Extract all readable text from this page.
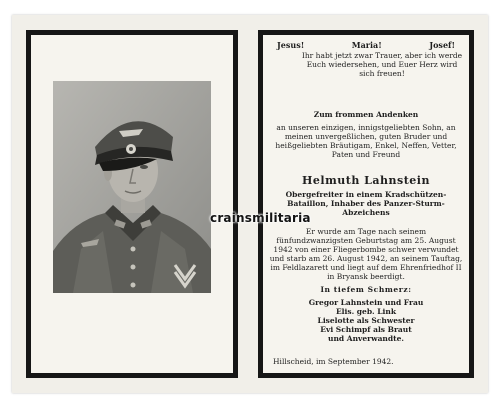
Jesus!	Maria!	Josef!
Ihr habt jetzt zwar Trauer, aber ich werde Euch wiedersehen, und Euer Herz wird sich freuen!
Zum frommen Andenken
an unseren einzigen, innigstgeliebten Sohn, an meinen unvergeßlichen, guten Bruder und heißgeliebten Bräutigam, Enkel, Neffen, Vetter, Paten und Freund
Helmuth Lahnstein
Obergefreiter in einem Kradschützen-Bataillon, Inhaber des Panzer-Sturm-Abzeichens
Er wurde am Tage nach seinem fünfundzwanzigsten Geburtstag am 25. August 1942 von einer Fliegerbombe schwer verwundet und starb am 26. August 1942, an seinem Tauftag, im Feldlazarett und liegt auf dem Ehrenfriedhof II in Bryansk beerdigt.
In tiefem Schmerz:
Gregor Lahnstein und Frau
Elis. geb. Link
Liselotte als Schwester
Evi Schimpf als Braut
und Anverwandte.
Hillscheid, im September 1942.
crainsmilitaria
